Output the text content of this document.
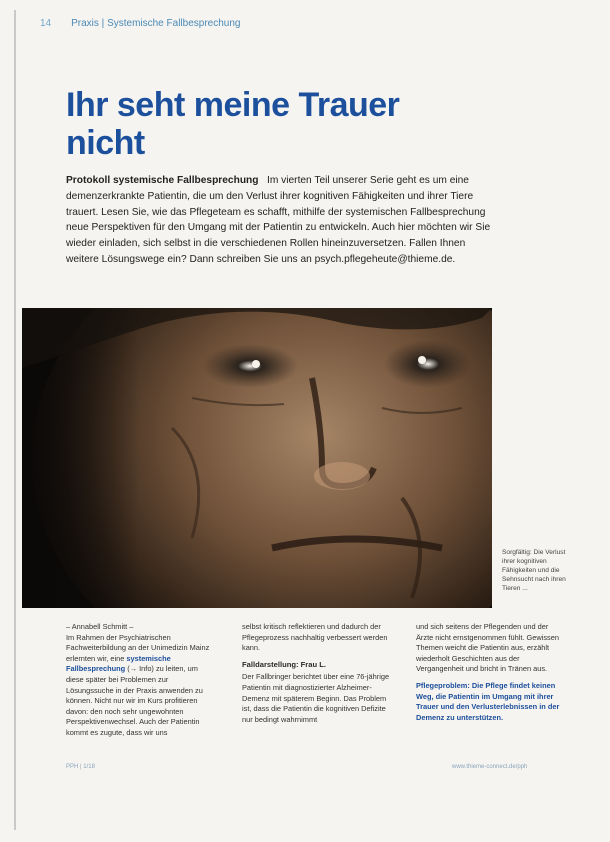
14 Praxis | Systemische Fallbesprechung
Ihr seht meine Trauer nicht
Protokoll systemische Fallbesprechung Im vierten Teil unserer Serie geht es um eine demenzerkrankte Patientin, die um den Verlust ihrer kognitiven Fähigkeiten und ihrer Tiere trauert. Lesen Sie, wie das Pflegeteam es schafft, mithilfe der systemischen Fallbesprechung neue Perspektiven für den Umgang mit der Patientin zu entwickeln. Auch hier möchten wir Sie wieder einladen, sich selbst in die verschiedenen Rollen hineinzuversetzen. Fallen Ihnen weitere Lösungswege ein? Dann schreiben Sie uns an psych.pflegeheute@thieme.de.
Sorgfältig: Die Verlust ihrer kognitiven Fähigkeiten und die Sehnsucht nach ihren Tieren ...
– Annabell Schmitt –
Im Rahmen der Psychiatrischen Fachweiterbildung an der Unimedizin Mainz erlernten wir, eine systemische Fallbesprechung (→ Info) zu leiten, um diese später bei Problemen zur Lösungssuche in der Praxis anwenden zu können. Nicht nur wir im Kurs profitieren davon: den noch sehr ungewohnten Perspektivenwechsel. Auch der Patientin kommt es zugute, dass wir uns
selbst kritisch reflektieren und dadurch der Pflegeprozess nachhaltig verbessert werden kann.
Falldarstellung: Frau L.
Der Fallbringer berichtet über eine 76-jährige Patientin mit diagnostizierter Alzheimer-Demenz mit späterem Beginn. Das Problem ist, dass die Patientin die kognitiven Defizite nur bedingt wahrnimmt
und sich seitens der Pflegenden und der Ärzte nicht ernstgenommen fühlt. Gewissen Themen weicht die Patientin aus, erzählt wiederholt Geschichten aus der Vergangenheit und bricht in Tränen aus.
Pflegeproblem: Die Pflege findet keinen Weg, die Patientin im Umgang mit ihrer Trauer und den Verlusterlebnissen in der Demenz zu unterstützen.
PPH | 1/18	www.thieme-connect.de/pph
